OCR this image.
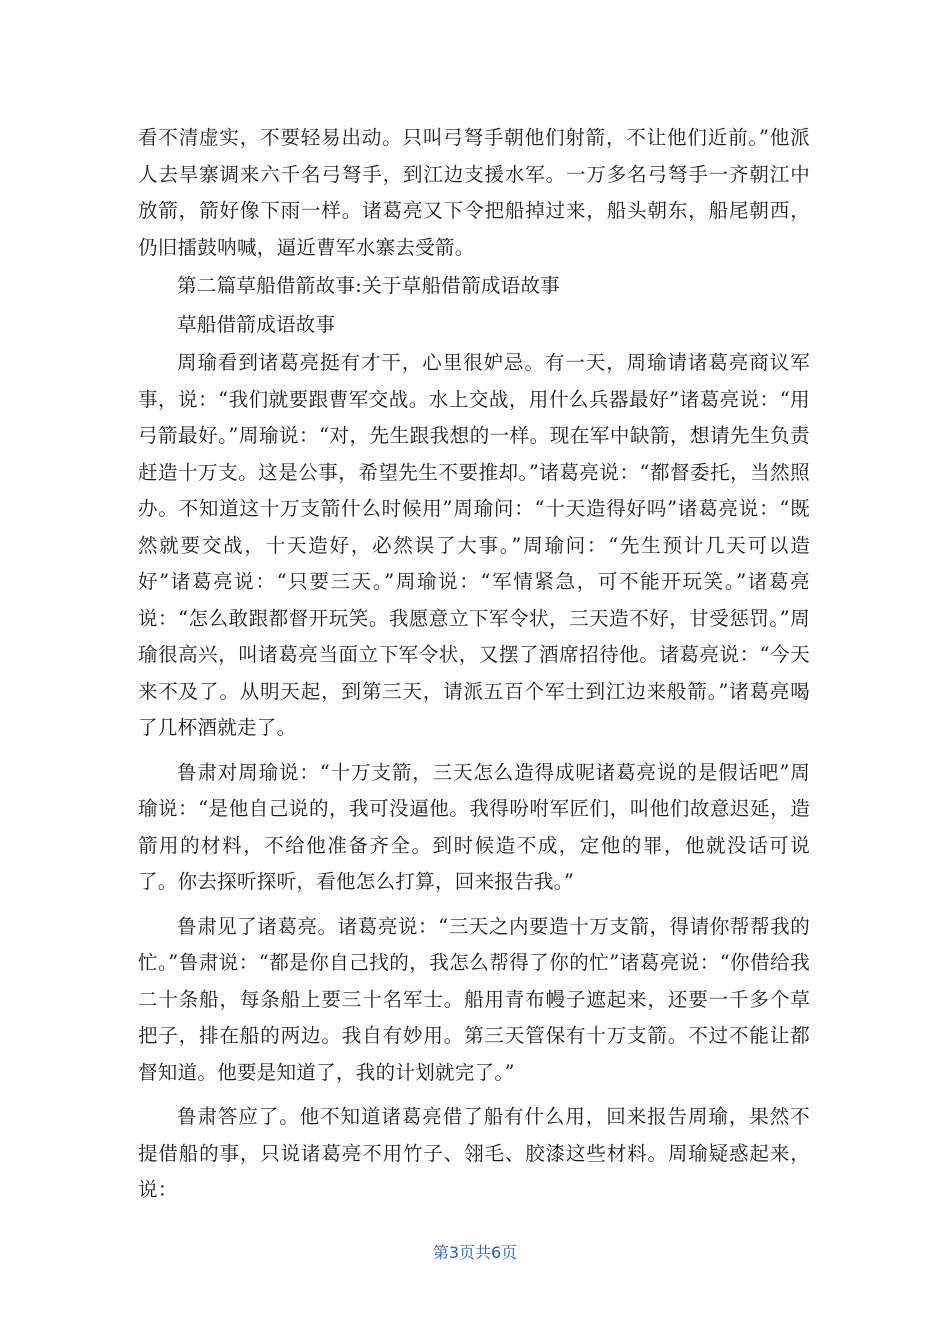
看不清虚实，不要轻易出动。只叫弓弩手朝他们射箭，不让他们近前。”他派人去旱寨调来六千名弓弩手，到江边支援水军。一万多名弓弩手一齐朝江中放箭，箭好像下雨一样。诸葛亮又下令把船掉过来，船头朝东，船尾朝西，仍旧擂鼓呐喊，逼近曹军水寨去受箭。

第二篇草船借箭故事:关于草船借箭成语故事

草船借箭成语故事

周瑜看到诸葛亮挺有才干，心里很妒忌。有一天，周瑜请诸葛亮商议军事，说：“我们就要跟曹军交战。水上交战，用什么兵器最好”诸葛亮说：“用弓箭最好。”周瑜说：“对，先生跟我想的一样。现在军中缺箭，想请先生负责赶造十万支。这是公事，希望先生不要推却。”诸葛亮说：“都督委托，当然照办。不知道这十万支箭什么时候用”周瑜问：“十天造得好吗”诸葛亮说：“既然就要交战，十天造好，必然误了大事。”周瑜问：“先生预计几天可以造好”诸葛亮说：“只要三天。”周瑜说：“军情紧急，可不能开玩笑。”诸葛亮说：“怎么敢跟都督开玩笑。我愿意立下军令状，三天造不好，甘受惩罚。”周瑜很高兴，叫诸葛亮当面立下军令状，又摆了酒席招待他。诸葛亮说：“今天来不及了。从明天起，到第三天，请派五百个军士到江边来般箭。”诸葛亮喝了几杯酒就走了。

鲁肃对周瑜说：“十万支箭，三天怎么造得成呢诸葛亮说的是假话吧”周瑜说：“是他自己说的，我可没逼他。我得吩咐军匠们，叫他们故意迟延，造箭用的材料，不给他准备齐全。到时候造不成，定他的罪，他就没话可说了。你去探听探听，看他怎么打算，回来报告我。”

鲁肃见了诸葛亮。诸葛亮说：“三天之内要造十万支箭，得请你帮帮我的忙。”鲁肃说：“都是你自己找的，我怎么帮得了你的忙”诸葛亮说：“你借给我二十条船，每条船上要三十名军士。船用青布幔子遮起来，还要一千多个草把子，排在船的两边。我自有妙用。第三天管保有十万支箭。不过不能让都督知道。他要是知道了，我的计划就完了。”

鲁肃答应了。他不知道诸葛亮借了船有什么用，回来报告周瑜，果然不提借船的事，只说诸葛亮不用竹子、翎毛、胶漆这些材料。周瑜疑惑起来，说：

第3页共6页
